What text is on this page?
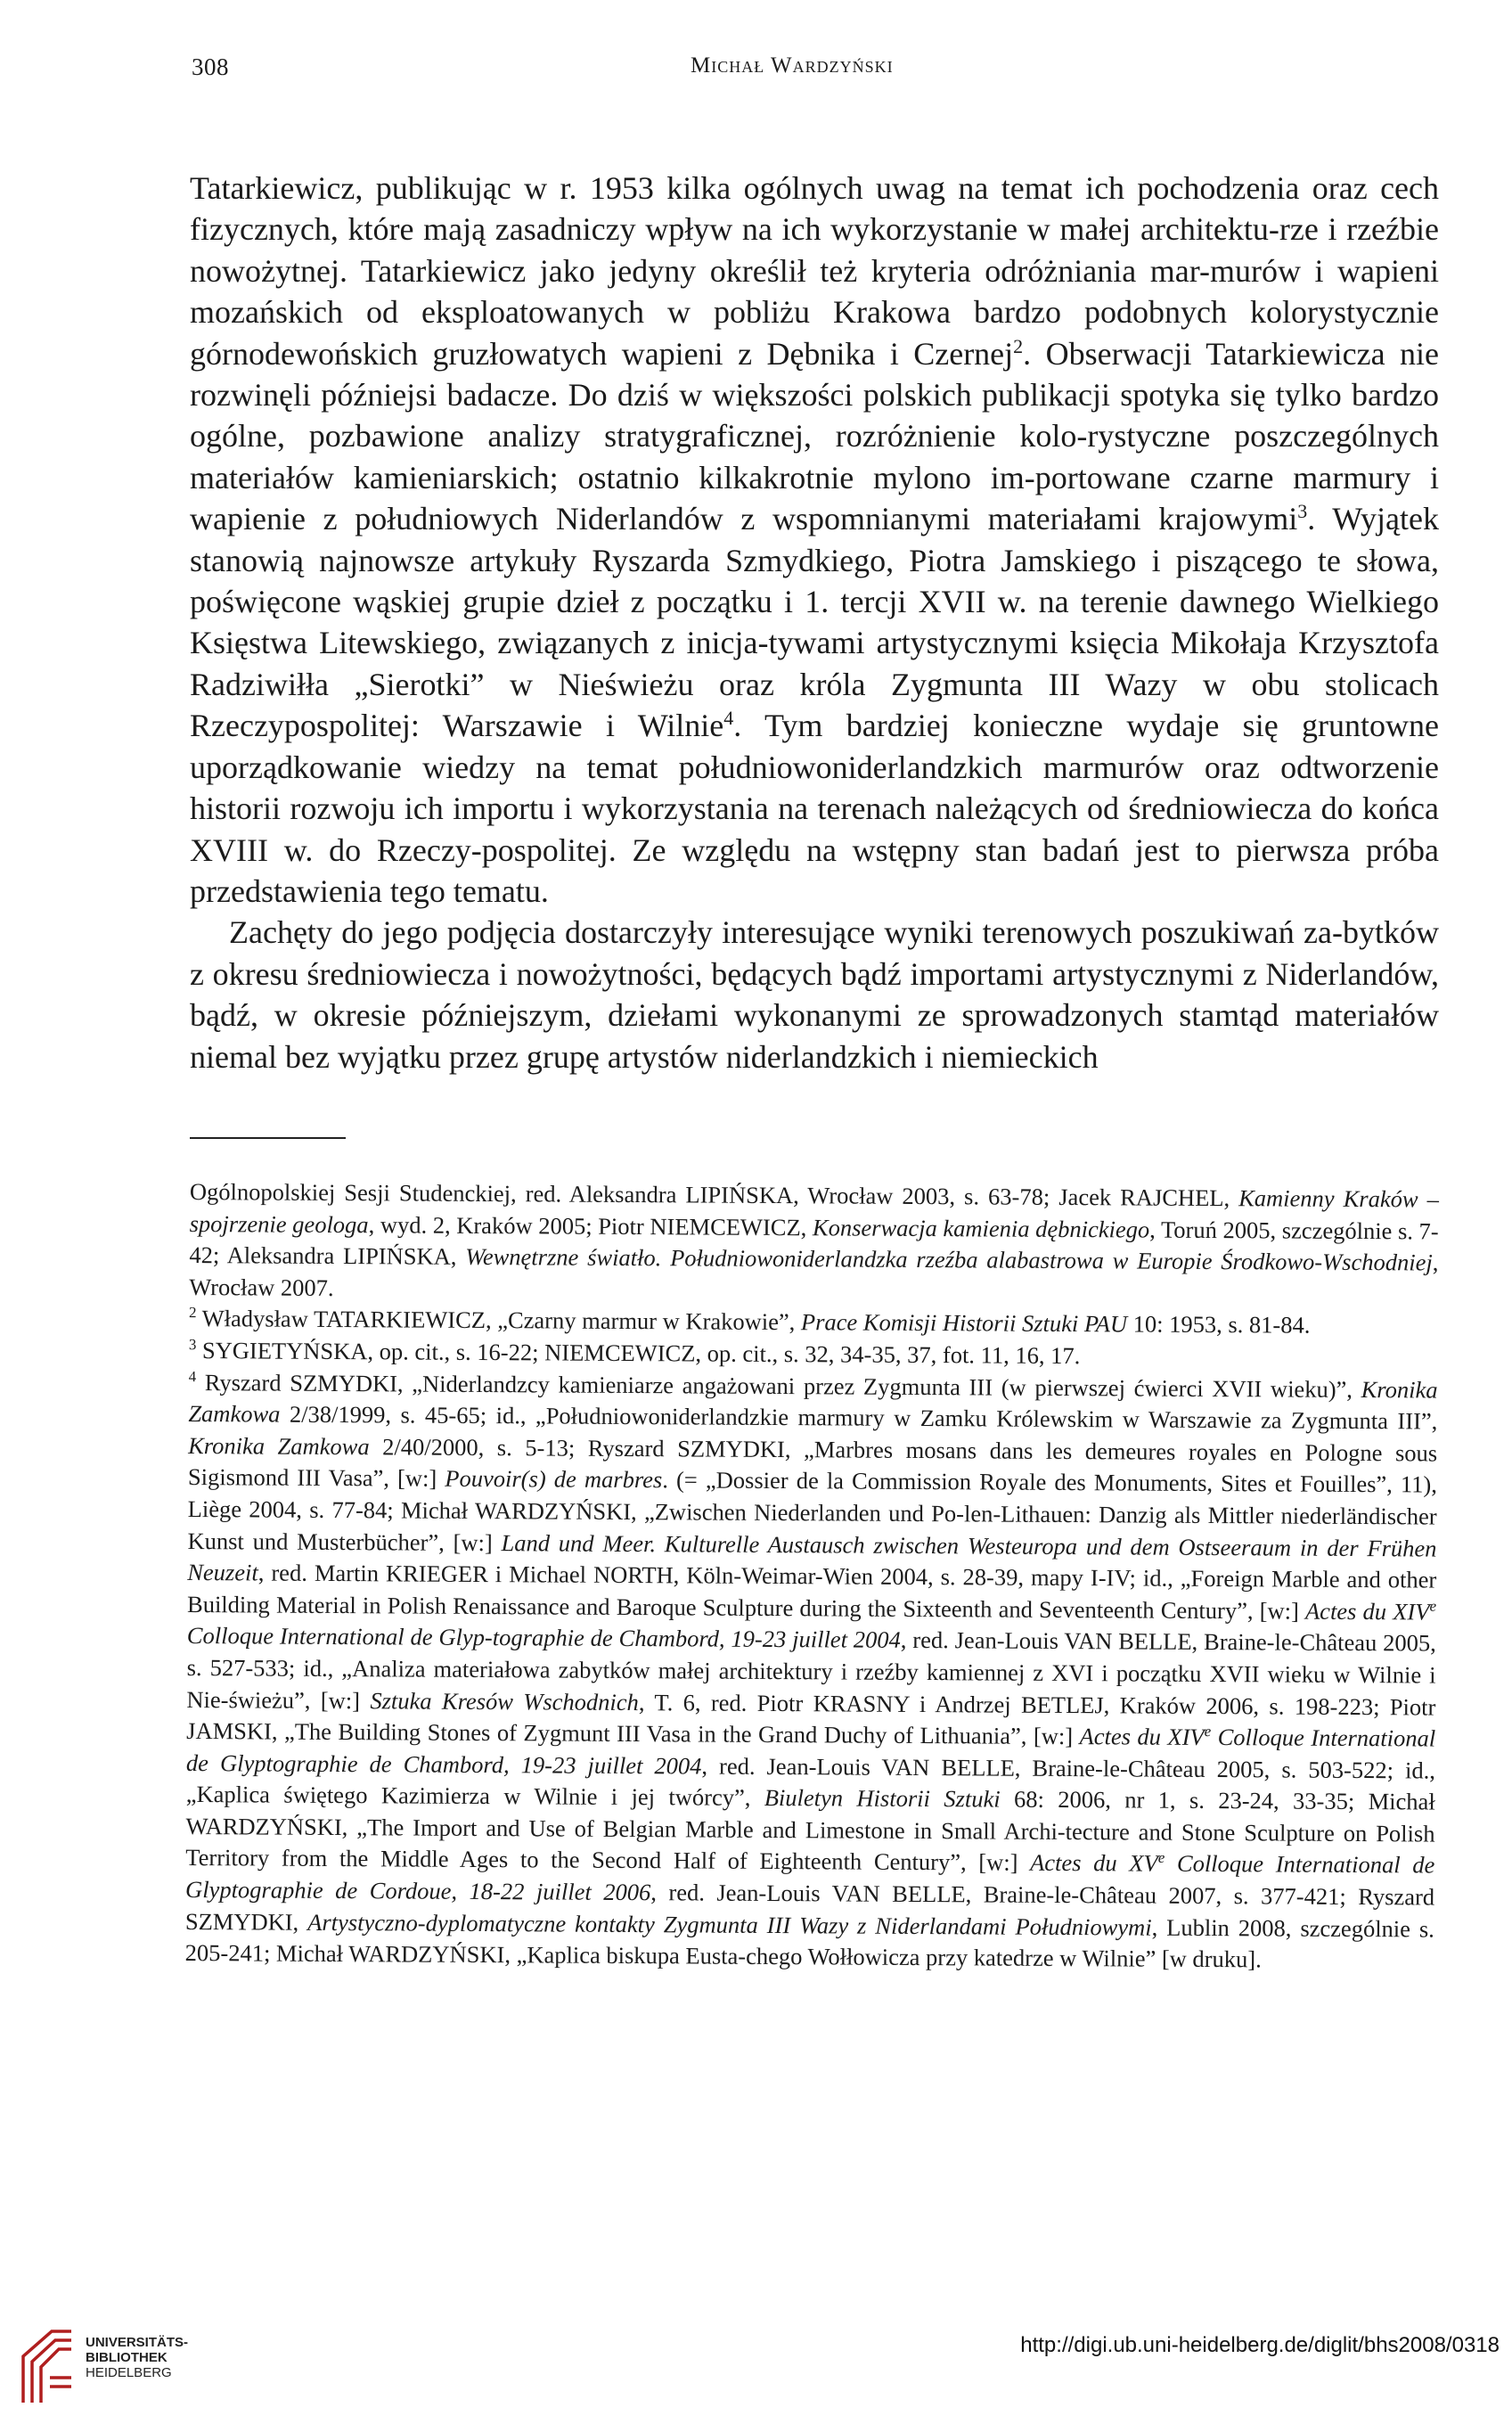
308	Michał Wardzyński

Tatarkiewicz, publikując w r. 1953 kilka ogólnych uwag na temat ich pochodzenia oraz cech fizycznych, które mają zasadniczy wpływ na ich wykorzystanie w małej architektu-rze i rzeźbie nowożytnej. Tatarkiewicz jako jedyny określił też kryteria odróżniania mar-murów i wapieni mozańskich od eksploatowanych w pobliżu Krakowa bardzo podobnych kolorystycznie górnodewońskich gruzłowatych wapieni z Dębnika i Czernej$^2$. Obserwacji Tatarkiewicza nie rozwinęli późniejsi badacze. Do dziś w większości polskich publikacji spotyka się tylko bardzo ogólne, pozbawione analizy stratygraficznej, rozróżnienie kolo-rystyczne poszczególnych materiałów kamieniarskich; ostatnio kilkakrotnie mylono im-portowane czarne marmury i wapienie z południowych Niderlandów z wspomnianymi materiałami krajowymi$^3$. Wyjątek stanowią najnowsze artykuły Ryszarda Szmydkiego, Piotra Jamskiego i piszącego te słowa, poświęcone wąskiej grupie dzieł z początku i 1. tercji XVII w. na terenie dawnego Wielkiego Księstwa Litewskiego, związanych z inicja-tywami artystycznymi księcia Mikołaja Krzysztofa Radziwiłła „Sierotki” w Nieświeżu oraz króla Zygmunta III Wazy w obu stolicach Rzeczypospolitej: Warszawie i Wilnie$^4$. Tym bardziej konieczne wydaje się gruntowne uporządkowanie wiedzy na temat południowoniderlandzkich marmurów oraz odtworzenie historii rozwoju ich importu i wykorzystania na terenach należących od średniowiecza do końca XVIII w. do Rzeczy-pospolitej. Ze względu na wstępny stan badań jest to pierwsza próba przedstawienia tego tematu.

Zachęty do jego podjęcia dostarczyły interesujące wyniki terenowych poszukiwań za-bytków z okresu średniowiecza i nowożytności, będących bądź importami artystycznymi z Niderlandów, bądź, w okresie późniejszym, dziełami wykonanymi ze sprowadzonych stamtąd materiałów niemal bez wyjątku przez grupę artystów niderlandzkich i niemieckich

Ogólnopolskiej Sesji Studenckiej, red. Aleksandra LIPIŃSKA, Wrocław 2003, s. 63-78; Jacek RAJCHEL, Kamienny Kraków – spojrzenie geologa, wyd. 2, Kraków 2005; Piotr NIEMCEWICZ, Konserwacja kamienia dębnickiego, Toruń 2005, szczególnie s. 7-42; Aleksandra LIPIŃSKA, Wewnętrzne światło. Południowoniderlandzka rzeźba alabastrowa w Europie Środkowo-Wschodniej, Wrocław 2007.

$^2$ Władysław TATARKIEWICZ, „Czarny marmur w Krakowie”, Prace Komisji Historii Sztuki PAU 10: 1953, s. 81-84.

$^3$ SYGIETYŃSKA, op. cit., s. 16-22; NIEMCEWICZ, op. cit., s. 32, 34-35, 37, fot. 11, 16, 17.

$^4$ Ryszard SZMYDKI, „Niderlandzcy kamieniarze angażowani przez Zygmunta III (w pierwszej ćwierci XVII wieku)”, Kronika Zamkowa 2/38/1999, s. 45-65; id., „Południowoniderlandzkie marmury w Zamku Królewskim w Warszawie za Zygmunta III”, Kronika Zamkowa 2/40/2000, s. 5-13; Ryszard SZMYDKI, „Marbres mosans dans les demeures royales en Pologne sous Sigismond III Vasa”, [w:] Pouvoir(s) de marbres. (= „Dossier de la Commission Royale des Monuments, Sites et Fouilles”, 11), Liège 2004, s. 77-84; Michał WARDZYŃSKI, „Zwischen Niederlanden und Po-len-Lithauen: Danzig als Mittler niederländischer Kunst und Musterbücher”, [w:] Land und Meer. Kulturelle Austausch zwischen Westeuropa und dem Ostseeraum in der Frühen Neuzeit, red. Martin KRIEGER i Michael NORTH, Köln-Weimar-Wien 2004, s. 28-39, mapy I-IV; id., „Foreign Marble and other Building Material in Polish Renaissance and Baroque Sculpture during the Sixteenth and Seventeenth Century”, [w:] Actes du XIVe Colloque International de Glyp-tographie de Chambord, 19-23 juillet 2004, red. Jean-Louis VAN BELLE, Braine-le-Château 2005, s. 527-533; id., „Analiza materiałowa zabytków małej architektury i rzeźby kamiennej z XVI i początku XVII wieku w Wilnie i Nie-świeżu”, [w:] Sztuka Kresów Wschodnich, T. 6, red. Piotr KRASNY i Andrzej BETLEJ, Kraków 2006, s. 198-223; Piotr JAMSKI, „The Building Stones of Zygmunt III Vasa in the Grand Duchy of Lithuania”, [w:] Actes du XIVe Colloque International de Glyptographie de Chambord, 19-23 juillet 2004, red. Jean-Louis VAN BELLE, Braine-le-Château 2005, s. 503-522; id., „Kaplica świętego Kazimierza w Wilnie i jej twórcy”, Biuletyn Historii Sztuki 68: 2006, nr 1, s. 23-24, 33-35; Michał WARDZYŃSKI, „The Import and Use of Belgian Marble and Limestone in Small Archi-tecture and Stone Sculpture on Polish Territory from the Middle Ages to the Second Half of Eighteenth Century”, [w:] Actes du XVe Colloque International de Glyptographie de Cordoue, 18-22 juillet 2006, red. Jean-Louis VAN BELLE, Braine-le-Château 2007, s. 377-421; Ryszard SZMYDKI, Artystyczno-dyplomatyczne kontakty Zygmunta III Wazy z Niderlandami Południowymi, Lublin 2008, szczególnie s. 205-241; Michał WARDZYŃSKI, „Kaplica biskupa Eusta-chego Wołłowicza przy katedrze w Wilnie” [w druku].

UNIVERSITÄTS-
BIBLIOTHEK
HEIDELBERG
http://digi.ub.uni-heidelberg.de/diglit/bhs2008/0318
